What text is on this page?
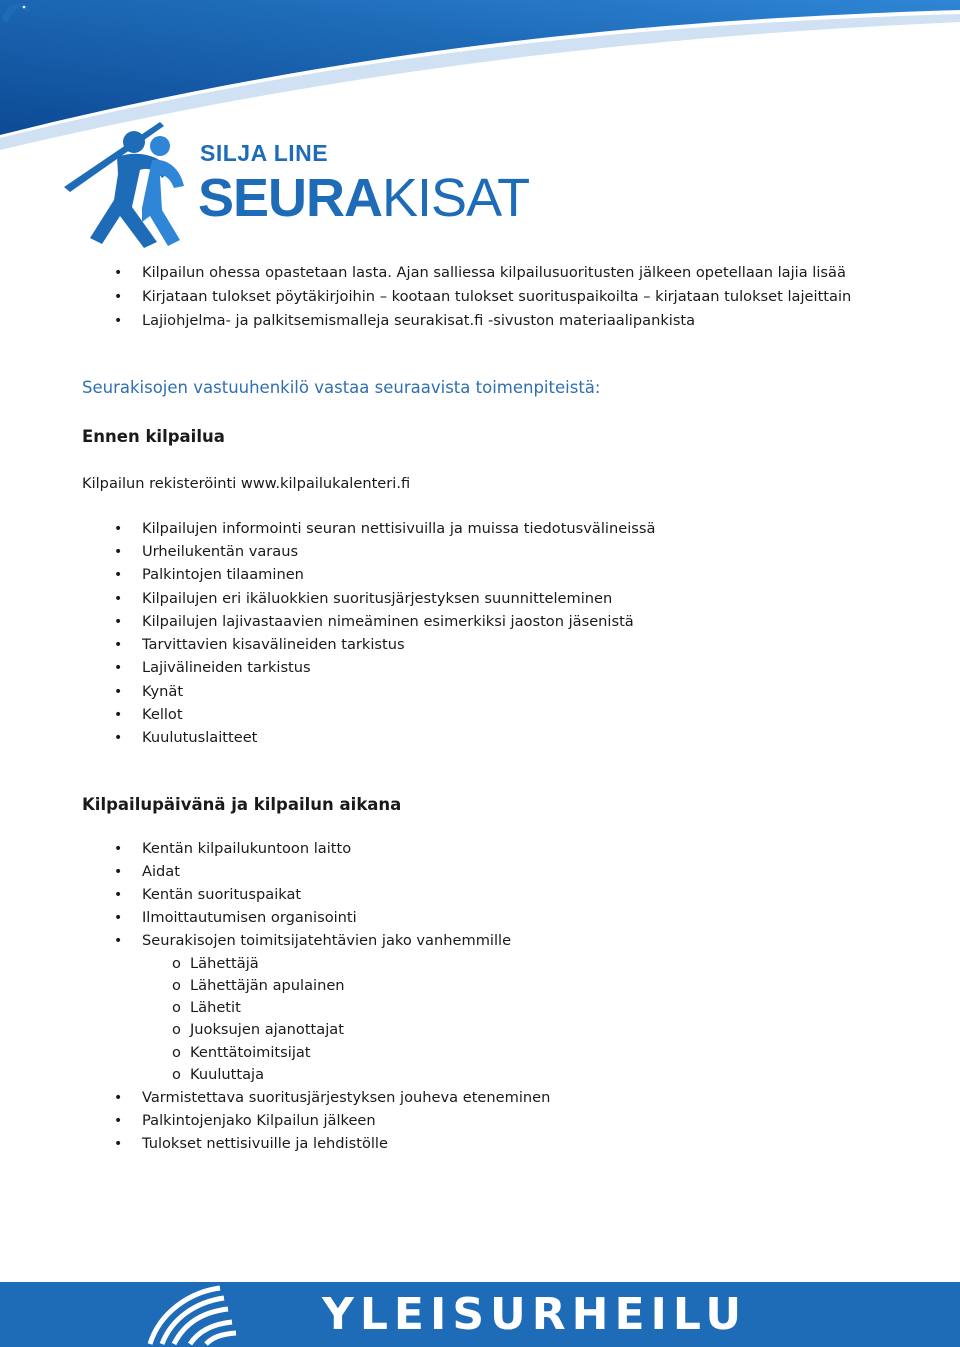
SILJA LINE
SEURAKISAT
• Kilpailun ohessa opastetaan lasta. Ajan salliessa kilpailusuoritusten jälkeen opetellaan lajia lisää
• Kirjataan tulokset pöytäkirjoihin – kootaan tulokset suorituspaikoilta – kirjataan tulokset lajeittain
• Lajiohjelma- ja palkitsemismalleja seurakisat.fi -sivuston materiaalipankista
Seurakisojen vastuuhenkilö vastaa seuraavista toimenpiteistä:
Ennen kilpailua
Kilpailun rekisteröinti www.kilpailukalenteri.fi
• Kilpailujen informointi seuran nettisivuilla ja muissa tiedotusvälineissä
• Urheilukentän varaus
• Palkintojen tilaaminen
• Kilpailujen eri ikäluokkien suoritusjärjestyksen suunnitteleminen
• Kilpailujen lajivastaavien nimeäminen esimerkiksi jaoston jäsenistä
• Tarvittavien kisavälineiden tarkistus
• Lajivälineiden tarkistus
• Kynät
• Kellot
• Kuulutuslaitteet
Kilpailupäivänä ja kilpailun aikana
• Kentän kilpailukuntoon laitto
• Aidat
• Kentän suorituspaikat
• Ilmoittautumisen organisointi
• Seurakisojen toimitsijatehtävien jako vanhemmille
o Lähettäjä
o Lähettäjän apulainen
o Lähetit
o Juoksujen ajanottajat
o Kenttätoimitsijat
o Kuuluttaja
• Varmistettava suoritusjärjestyksen jouheva eteneminen
• Palkintojenjako Kilpailun jälkeen
• Tulokset nettisivuille ja lehdistölle
YLEISURHEILU
